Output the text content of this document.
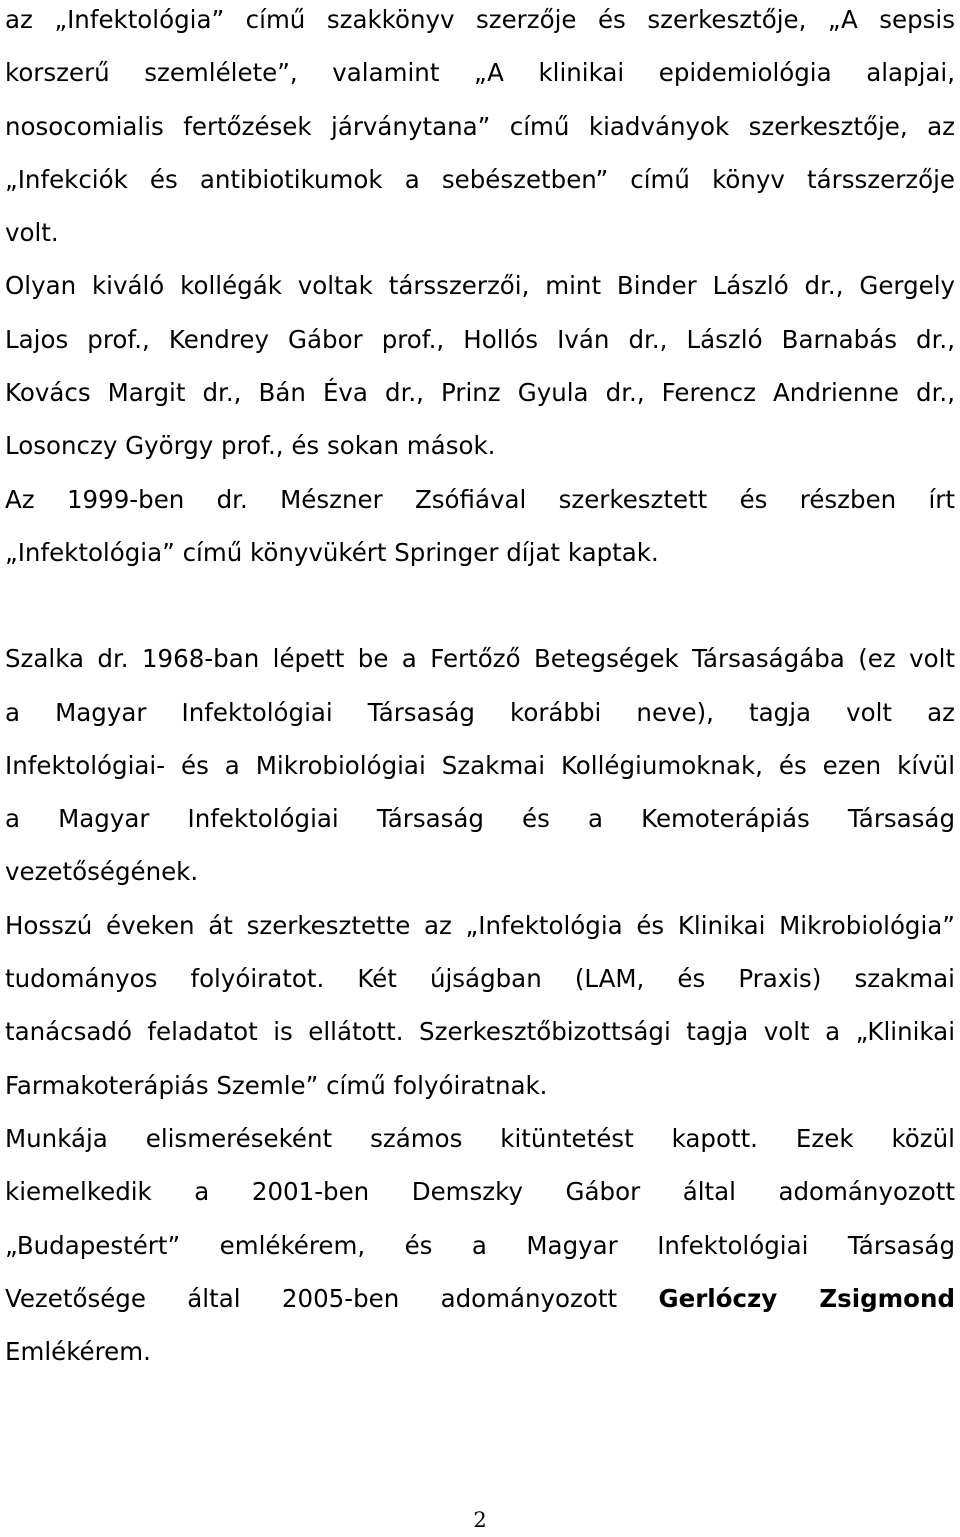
az „Infektológia” című szakkönyv szerzője és szerkesztője, „A sepsis
korszerű szemlélete”, valamint „A klinikai epidemiológia alapjai,
nosocomialis fertőzések járványtana” című kiadványok szerkesztője, az
„Infekciók és antibiotikumok a sebészetben” című könyv társszerzője
volt.

Olyan kiváló kollégák voltak társszerzői, mint Binder László dr., Gergely
Lajos prof., Kendrey Gábor prof., Hollós Iván dr., László Barnabás dr.,
Kovács Margit dr., Bán Éva dr., Prinz Gyula dr., Ferencz Andrienne dr.,
Losonczy György prof., és sokan mások.

Az 1999-ben dr. Mészner Zsófiával szerkesztett és részben írt
„Infektológia” című könyvükért Springer díjat kaptak.

Szalka dr. 1968-ban lépett be a Fertőző Betegségek Társaságába (ez volt
a Magyar Infektológiai Társaság korábbi neve), tagja volt az
Infektológiai- és a Mikrobiológiai Szakmai Kollégiumoknak, és ezen kívül
a Magyar Infektológiai Társaság és a Kemoterápiás Társaság
vezetőségének.

Hosszú éveken át szerkesztette az „Infektológia és Klinikai Mikrobiológia”
tudományos folyóiratot. Két újságban (LAM, és Praxis) szakmai
tanácsadó feladatot is ellátott. Szerkesztőbizottsági tagja volt a „Klinikai
Farmakoterápiás Szemle” című folyóiratnak.

Munkája elismeréseként számos kitüntetést kapott. Ezek közül
kiemelkedik a 2001-ben Demszky Gábor által adományozott
„Budapestért” emlékérem, és a Magyar Infektológiai Társaság
Vezetősége által 2005-ben adományozott Gerlóczy Zsigmond
Emlékérem.

2
